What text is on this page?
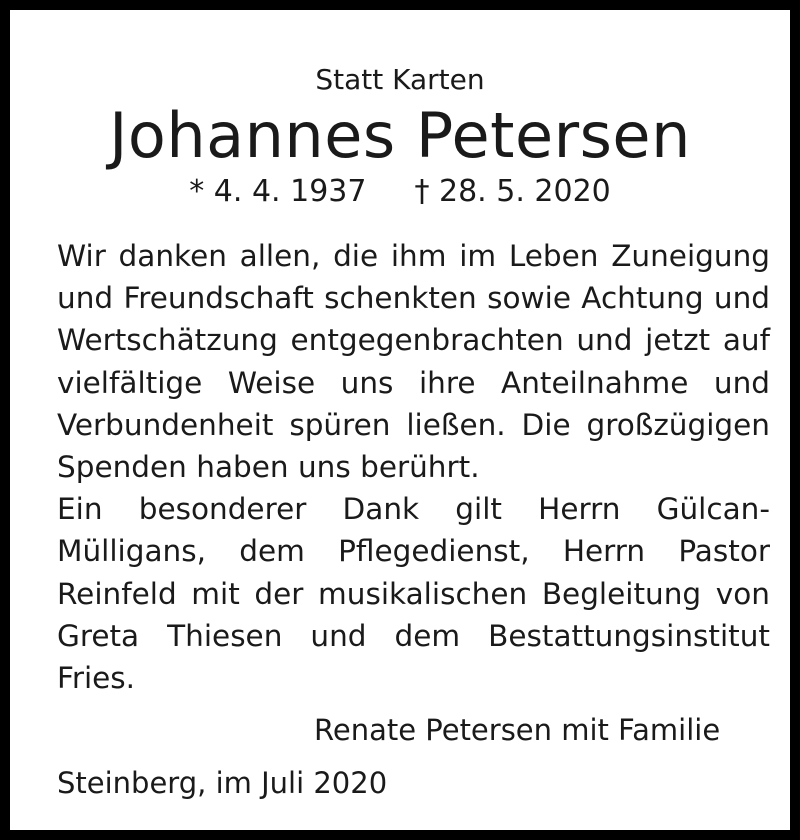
Statt Karten

Johannes Petersen

* 4. 4. 1937 † 28. 5. 2020

Wir danken allen, die ihm im Leben Zuneigung und Freundschaft schenkten sowie Achtung und Wertschätzung entgegenbrachten und jetzt auf vielfältige Weise uns ihre Anteilnahme und Verbundenheit spüren ließen. Die großzügigen Spenden haben uns berührt.

Ein besonderer Dank gilt Herrn Gülcan-Mülligans, dem Pflegedienst, Herrn Pastor Reinfeld mit der musikalischen Begleitung von Greta Thiesen und dem Bestattungsinstitut Fries.

Renate Petersen mit Familie

Steinberg, im Juli 2020
